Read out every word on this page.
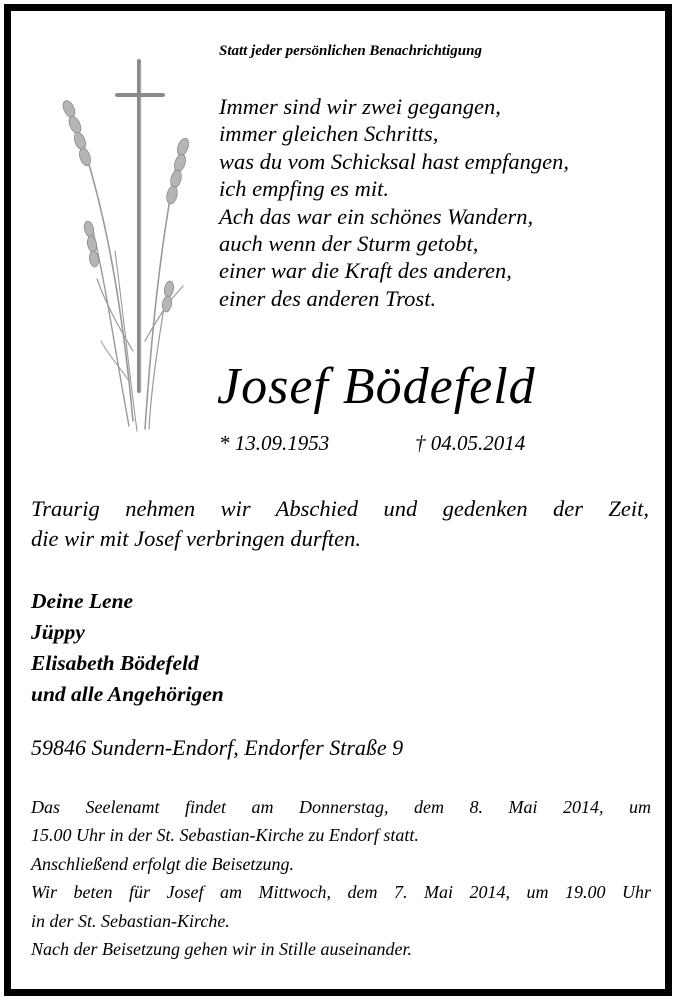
Statt jeder persönlichen Benachrichtigung
Immer sind wir zwei gegangen,
immer gleichen Schritts,
was du vom Schicksal hast empfangen,
ich empfing es mit.
Ach das war ein schönes Wandern,
auch wenn der Sturm getobt,
einer war die Kraft des anderen,
einer des anderen Trost.
Josef Bödefeld
* 13.09.1953	† 04.05.2014
Traurig nehmen wir Abschied und gedenken der Zeit,
die wir mit Josef verbringen durften.
Deine Lene
Jüppy
Elisabeth Bödefeld
und alle Angehörigen
59846 Sundern-Endorf, Endorfer Straße 9
Das Seelenamt findet am Donnerstag, dem 8. Mai 2014, um
15.00 Uhr in der St. Sebastian-Kirche zu Endorf statt.
Anschließend erfolgt die Beisetzung.
Wir beten für Josef am Mittwoch, dem 7. Mai 2014, um 19.00 Uhr
in der St. Sebastian-Kirche.
Nach der Beisetzung gehen wir in Stille auseinander.
